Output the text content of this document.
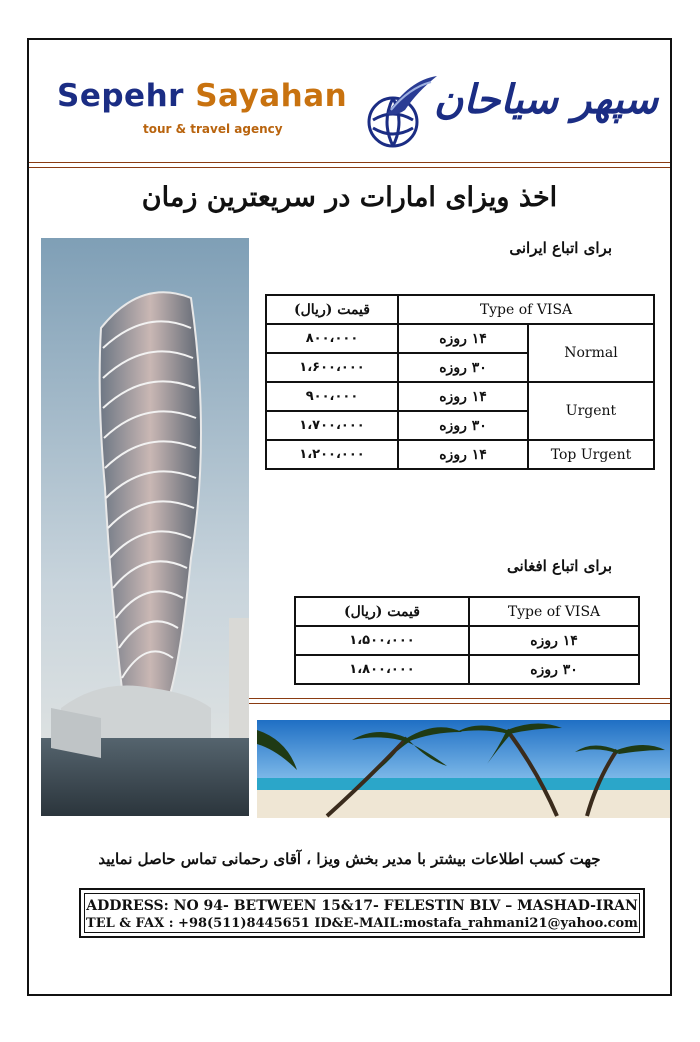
Sepehr Sayahan
tour & travel agency
سپهر سیاحان
اخذ ویزای امارات در سریعترین زمان
برای اتباع ایرانی
قیمت (ریال)	Type of VISA	
۸۰۰،۰۰۰	۱۴ روزه	Normal
۱،۶۰۰،۰۰۰	۳۰ روزه	
۹۰۰،۰۰۰	۱۴ روزه	Urgent
۱،۷۰۰،۰۰۰	۳۰ روزه	
۱،۲۰۰،۰۰۰	۱۴ روزه	Top Urgent
برای اتباع افغانی
قیمت (ریال)	Type of VISA
۱،۵۰۰،۰۰۰	۱۴ روزه
۱،۸۰۰،۰۰۰	۳۰ روزه
جهت کسب اطلاعات بیشتر با مدیر بخش ویزا ، آقای رحمانی تماس حاصل نمایید
ADDRESS: NO 94- BETWEEN 15&17- FELESTIN BLV – MASHAD-IRAN
TEL & FAX : +98(511)8445651 ID&E-MAIL:mostafa_rahmani21@yahoo.com
